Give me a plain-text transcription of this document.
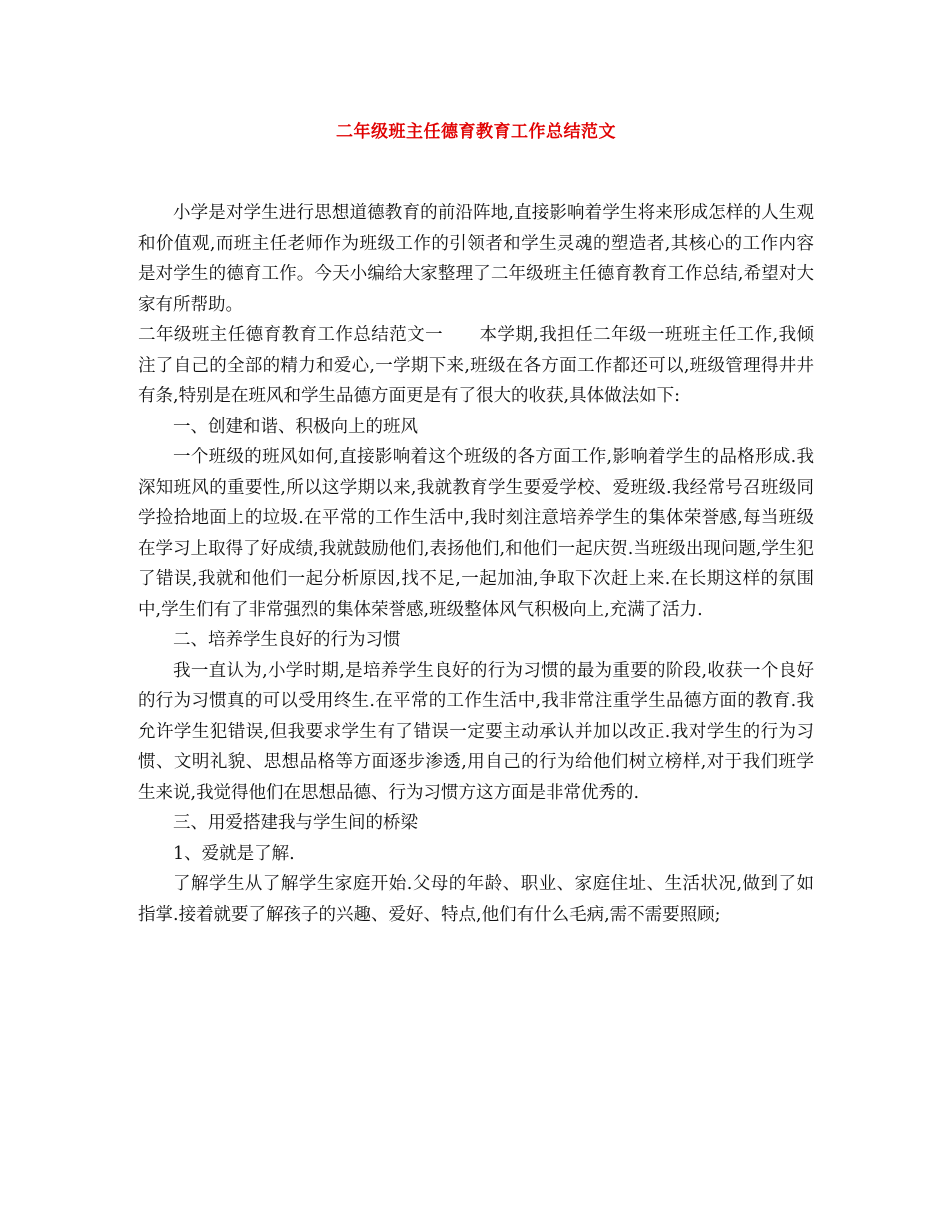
二年级班主任德育教育工作总结范文

小学是对学生进行思想道德教育的前沿阵地,直接影响着学生将来形成怎样的人生观和价值观,而班主任老师作为班级工作的引领者和学生灵魂的塑造者,其核心的工作内容是对学生的德育工作。今天小编给大家整理了二年级班主任德育教育工作总结,希望对大家有所帮助。

二年级班主任德育教育工作总结范文一 本学期,我担任二年级一班班主任工作,我倾注了自己的全部的精力和爱心,一学期下来,班级在各方面工作都还可以,班级管理得井井有条,特别是在班风和学生品德方面更是有了很大的收获,具体做法如下:

一、创建和谐、积极向上的班风

一个班级的班风如何,直接影响着这个班级的各方面工作,影响着学生的品格形成.我深知班风的重要性,所以这学期以来,我就教育学生要爱学校、爱班级.我经常号召班级同学捡拾地面上的垃圾.在平常的工作生活中,我时刻注意培养学生的集体荣誉感,每当班级在学习上取得了好成绩,我就鼓励他们,表扬他们,和他们一起庆贺.当班级出现问题,学生犯了错误,我就和他们一起分析原因,找不足,一起加油,争取下次赶上来.在长期这样的氛围中,学生们有了非常强烈的集体荣誉感,班级整体风气积极向上,充满了活力.

二、培养学生良好的行为习惯

我一直认为,小学时期,是培养学生良好的行为习惯的最为重要的阶段,收获一个良好的行为习惯真的可以受用终生.在平常的工作生活中,我非常注重学生品德方面的教育.我允许学生犯错误,但我要求学生有了错误一定要主动承认并加以改正.我对学生的行为习惯、文明礼貌、思想品格等方面逐步渗透,用自己的行为给他们树立榜样,对于我们班学生来说,我觉得他们在思想品德、行为习惯方这方面是非常优秀的.

三、用爱搭建我与学生间的桥梁

1、爱就是了解.

了解学生从了解学生家庭开始.父母的年龄、职业、家庭住址、生活状况,做到了如指掌.接着就要了解孩子的兴趣、爱好、特点,他们有什么毛病,需不需要照顾;
